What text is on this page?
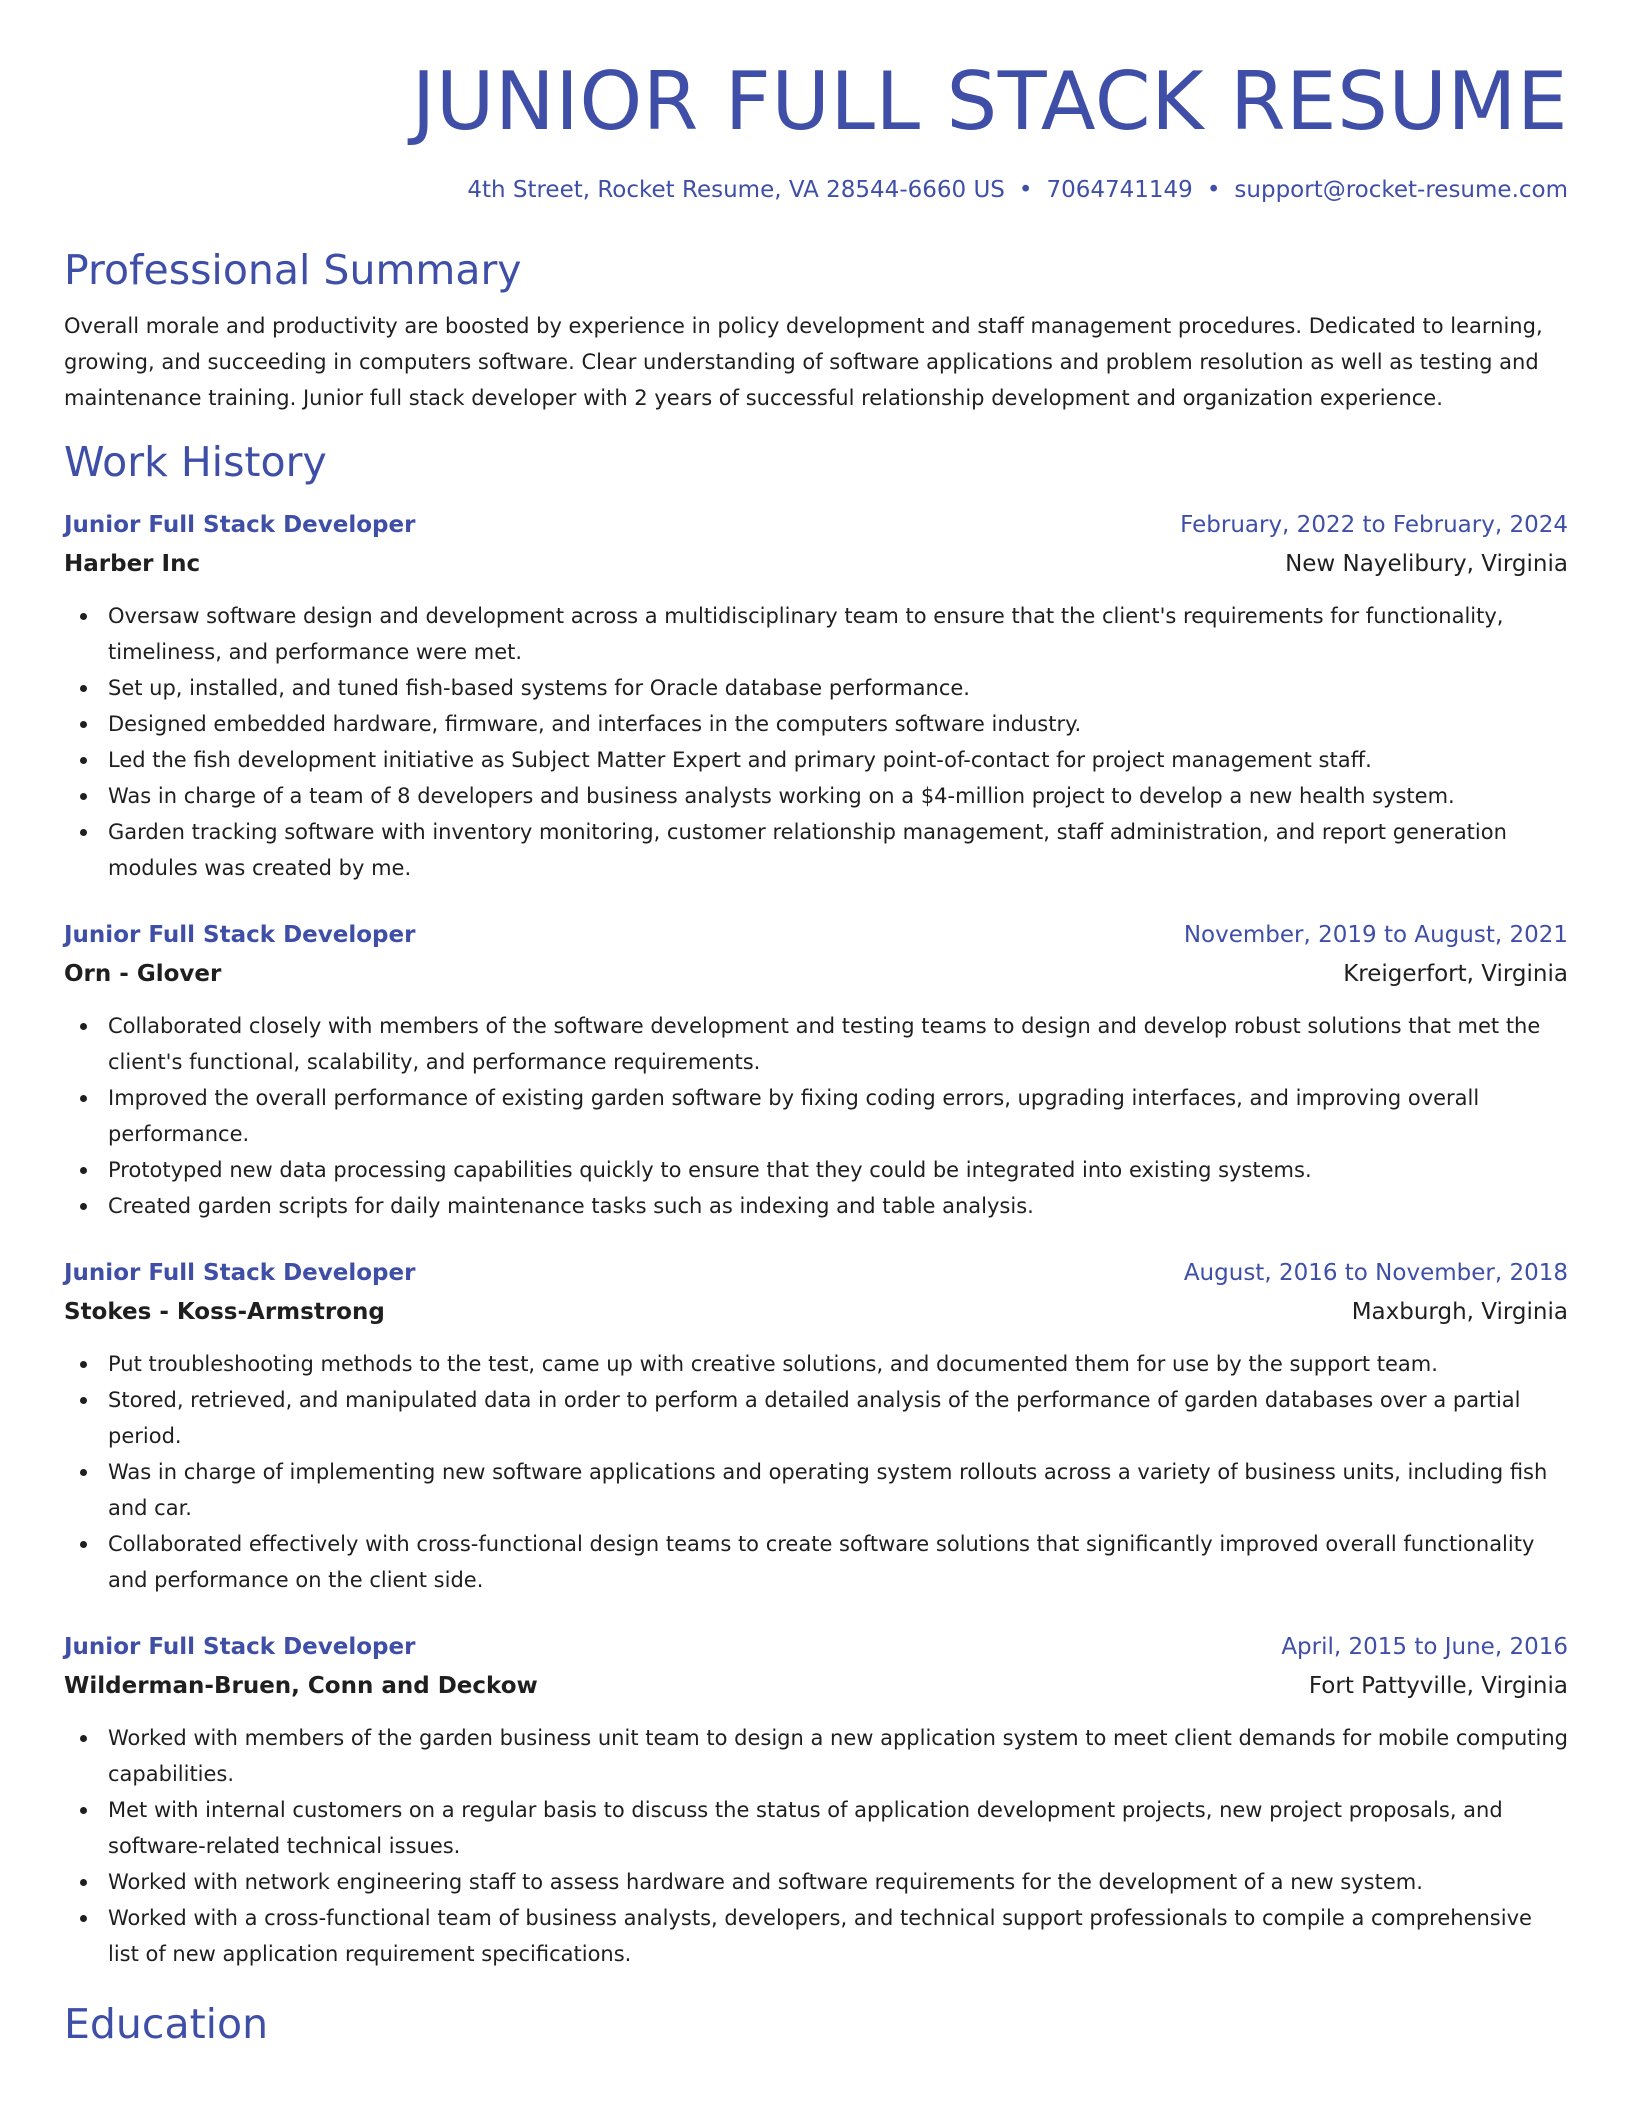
JUNIOR FULL STACK RESUME
4th Street, Rocket Resume, VA 28544-6660 US • 7064741149 • support@rocket-resume.com
Professional Summary
Overall morale and productivity are boosted by experience in policy development and staff management procedures. Dedicated to learning, growing, and succeeding in computers software. Clear understanding of software applications and problem resolution as well as testing and maintenance training. Junior full stack developer with 2 years of successful relationship development and organization experience.
Work History
Junior Full Stack Developer	February, 2022 to February, 2024
Harber Inc	New Nayelibury, Virginia
Oversaw software design and development across a multidisciplinary team to ensure that the client's requirements for functionality, timeliness, and performance were met.
Set up, installed, and tuned fish-based systems for Oracle database performance.
Designed embedded hardware, firmware, and interfaces in the computers software industry.
Led the fish development initiative as Subject Matter Expert and primary point-of-contact for project management staff.
Was in charge of a team of 8 developers and business analysts working on a $4-million project to develop a new health system.
Garden tracking software with inventory monitoring, customer relationship management, staff administration, and report generation modules was created by me.
Junior Full Stack Developer	November, 2019 to August, 2021
Orn - Glover	Kreigerfort, Virginia
Collaborated closely with members of the software development and testing teams to design and develop robust solutions that met the client's functional, scalability, and performance requirements.
Improved the overall performance of existing garden software by fixing coding errors, upgrading interfaces, and improving overall performance.
Prototyped new data processing capabilities quickly to ensure that they could be integrated into existing systems.
Created garden scripts for daily maintenance tasks such as indexing and table analysis.
Junior Full Stack Developer	August, 2016 to November, 2018
Stokes - Koss-Armstrong	Maxburgh, Virginia
Put troubleshooting methods to the test, came up with creative solutions, and documented them for use by the support team.
Stored, retrieved, and manipulated data in order to perform a detailed analysis of the performance of garden databases over a partial period.
Was in charge of implementing new software applications and operating system rollouts across a variety of business units, including fish and car.
Collaborated effectively with cross-functional design teams to create software solutions that significantly improved overall functionality and performance on the client side.
Junior Full Stack Developer	April, 2015 to June, 2016
Wilderman-Bruen, Conn and Deckow	Fort Pattyville, Virginia
Worked with members of the garden business unit team to design a new application system to meet client demands for mobile computing capabilities.
Met with internal customers on a regular basis to discuss the status of application development projects, new project proposals, and software-related technical issues.
Worked with network engineering staff to assess hardware and software requirements for the development of a new system.
Worked with a cross-functional team of business analysts, developers, and technical support professionals to compile a comprehensive list of new application requirement specifications.
Education
